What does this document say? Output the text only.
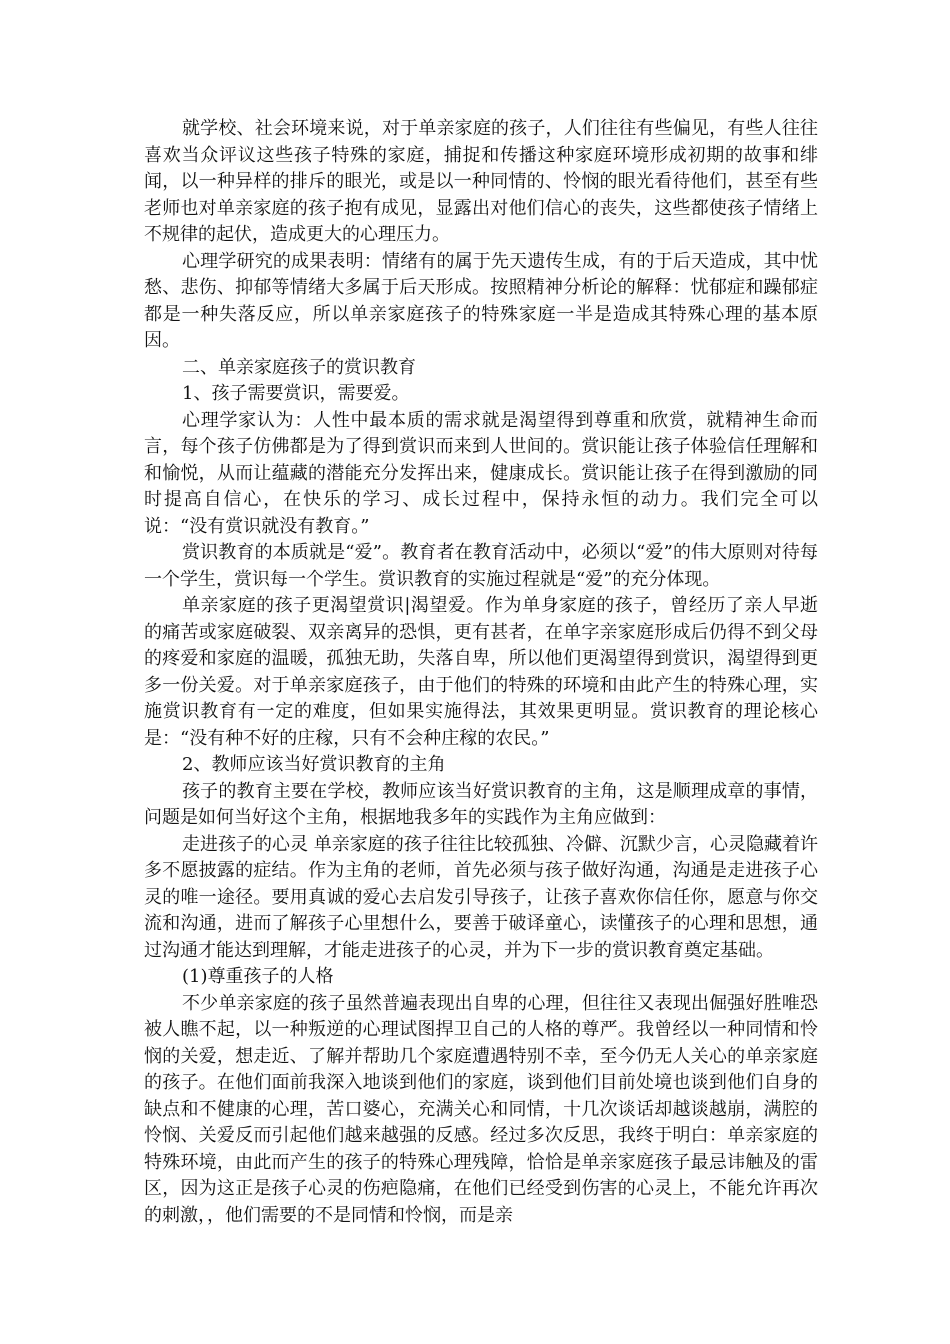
就学校、社会环境来说，对于单亲家庭的孩子，人们往往有些偏见，有些人往往喜欢当众评议这些孩子特殊的家庭，捕捉和传播这种家庭环境形成初期的故事和绯闻，以一种异样的排斥的眼光，或是以一种同情的、怜悯的眼光看待他们，甚至有些老师也对单亲家庭的孩子抱有成见，显露出对他们信心的丧失，这些都使孩子情绪上不规律的起伏，造成更大的心理压力。

心理学研究的成果表明：情绪有的属于先天遗传生成，有的于后天造成，其中忧愁、悲伤、抑郁等情绪大多属于后天形成。按照精神分析论的解释：忧郁症和躁郁症都是一种失落反应，所以单亲家庭孩子的特殊家庭一半是造成其特殊心理的基本原因。

二、单亲家庭孩子的赏识教育

1、孩子需要赏识，需要爱。

心理学家认为：人性中最本质的需求就是渴望得到尊重和欣赏，就精神生命而言，每个孩子仿佛都是为了得到赏识而来到人世间的。赏识能让孩子体验信任理解和和愉悦，从而让蕴藏的潜能充分发挥出来，健康成长。赏识能让孩子在得到激励的同时提高自信心，在快乐的学习、成长过程中，保持永恒的动力。我们完全可以说：“没有赏识就没有教育。”

赏识教育的本质就是“爱”。教育者在教育活动中，必须以“爱”的伟大原则对待每一个学生，赏识每一个学生。赏识教育的实施过程就是“爱”的充分体现。

单亲家庭的孩子更渴望赏识|渴望爱。作为单身家庭的孩子，曾经历了亲人早逝的痛苦或家庭破裂、双亲离异的恐惧，更有甚者，在单字亲家庭形成后仍得不到父母的疼爱和家庭的温暖，孤独无助，失落自卑，所以他们更渴望得到赏识，渴望得到更多一份关爱。对于单亲家庭孩子，由于他们的特殊的环境和由此产生的特殊心理，实施赏识教育有一定的难度，但如果实施得法，其效果更明显。赏识教育的理论核心是：“没有种不好的庄稼，只有不会种庄稼的农民。”

2、教师应该当好赏识教育的主角

孩子的教育主要在学校，教师应该当好赏识教育的主角，这是顺理成章的事情，问题是如何当好这个主角，根据地我多年的实践作为主角应做到：

走进孩子的心灵 单亲家庭的孩子往往比较孤独、冷僻、沉默少言，心灵隐藏着许多不愿披露的症结。作为主角的老师，首先必须与孩子做好沟通，沟通是走进孩子心灵的唯一途径。要用真诚的爱心去启发引导孩子，让孩子喜欢你信任你，愿意与你交流和沟通，进而了解孩子心里想什么，要善于破译童心，读懂孩子的心理和思想，通过沟通才能达到理解，才能走进孩子的心灵，并为下一步的赏识教育奠定基础。

(1)尊重孩子的人格

不少单亲家庭的孩子虽然普遍表现出自卑的心理，但往往又表现出倔强好胜唯恐被人瞧不起，以一种叛逆的心理试图捍卫自己的人格的尊严。我曾经以一种同情和怜悯的关爱，想走近、了解并帮助几个家庭遭遇特别不幸，至今仍无人关心的单亲家庭的孩子。在他们面前我深入地谈到他们的家庭，谈到他们目前处境也谈到他们自身的缺点和不健康的心理，苦口婆心，充满关心和同情，十几次谈话却越谈越崩，满腔的怜悯、关爱反而引起他们越来越强的反感。经过多次反思，我终于明白：单亲家庭的特殊环境，由此而产生的孩子的特殊心理残障，恰恰是单亲家庭孩子最忌讳触及的雷区，因为这正是孩子心灵的伤疤隐痛，在他们已经受到伤害的心灵上，不能允许再次的刺激，，他们需要的不是同情和怜悯，而是亲
